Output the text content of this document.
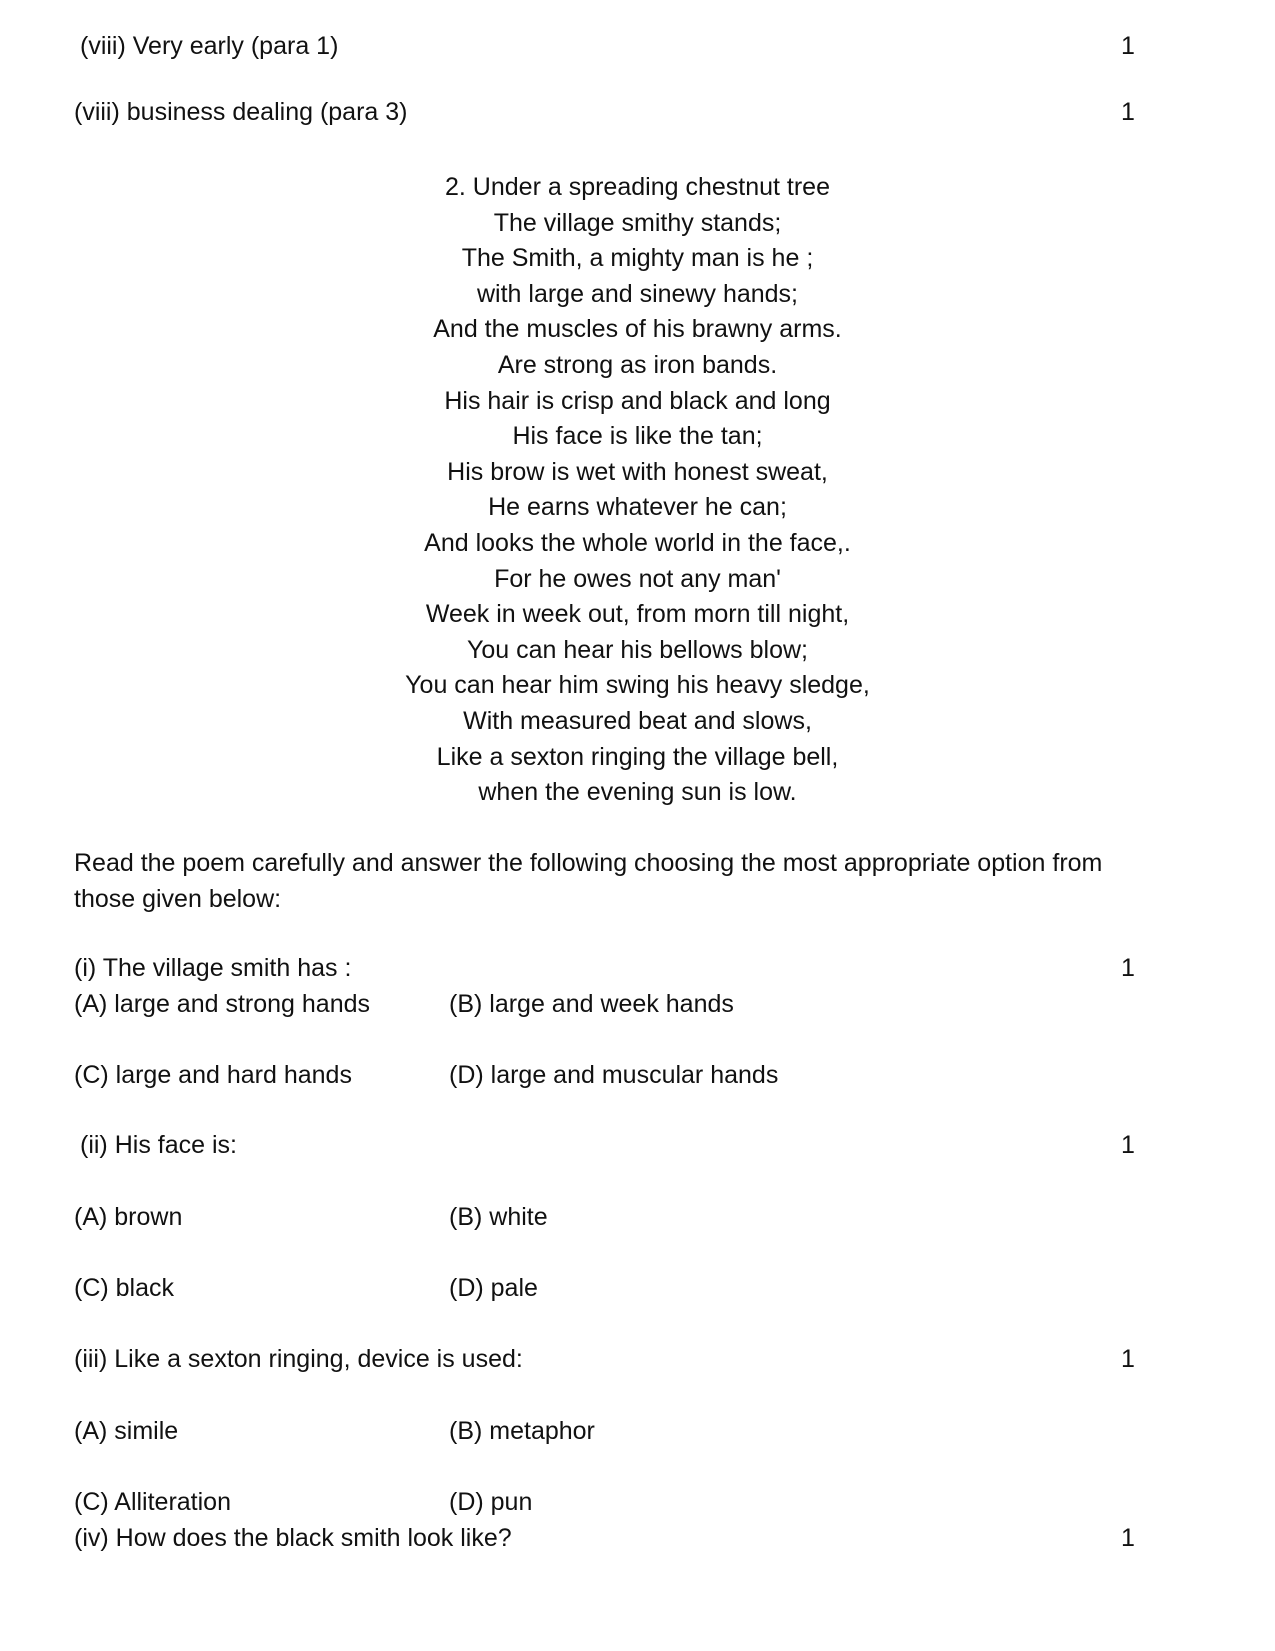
(viii) Very early (para 1)	1
(viii) business dealing (para 3)	1
2. Under a spreading chestnut tree
The village smithy stands;
The Smith, a mighty man is he ;
with large and sinewy hands;
And the muscles of his brawny arms.
Are strong as iron bands.
His hair is crisp and black and long
His face is like the tan;
His brow is wet with honest sweat,
He earns whatever he can;
And looks the whole world in the face,.
For he owes not any man'
Week in week out, from morn till night,
You can hear his bellows blow;
You can hear him swing his heavy sledge,
With measured beat and slows,
Like a sexton ringing the village bell,
when the evening sun is low.
Read the poem carefully and answer the following choosing the most appropriate option from
those given below:
(i) The village smith has :	1
(A) large and strong hands	(B) large and week hands
(C) large and hard hands	(D) large and muscular hands
(ii) His face is:	1
(A) brown	(B) white
(C) black	(D) pale
(iii) Like a sexton ringing, device is used:	1
(A) simile	(B) metaphor
(C) Alliteration	(D) pun
(iv) How does the black smith look like?	1
